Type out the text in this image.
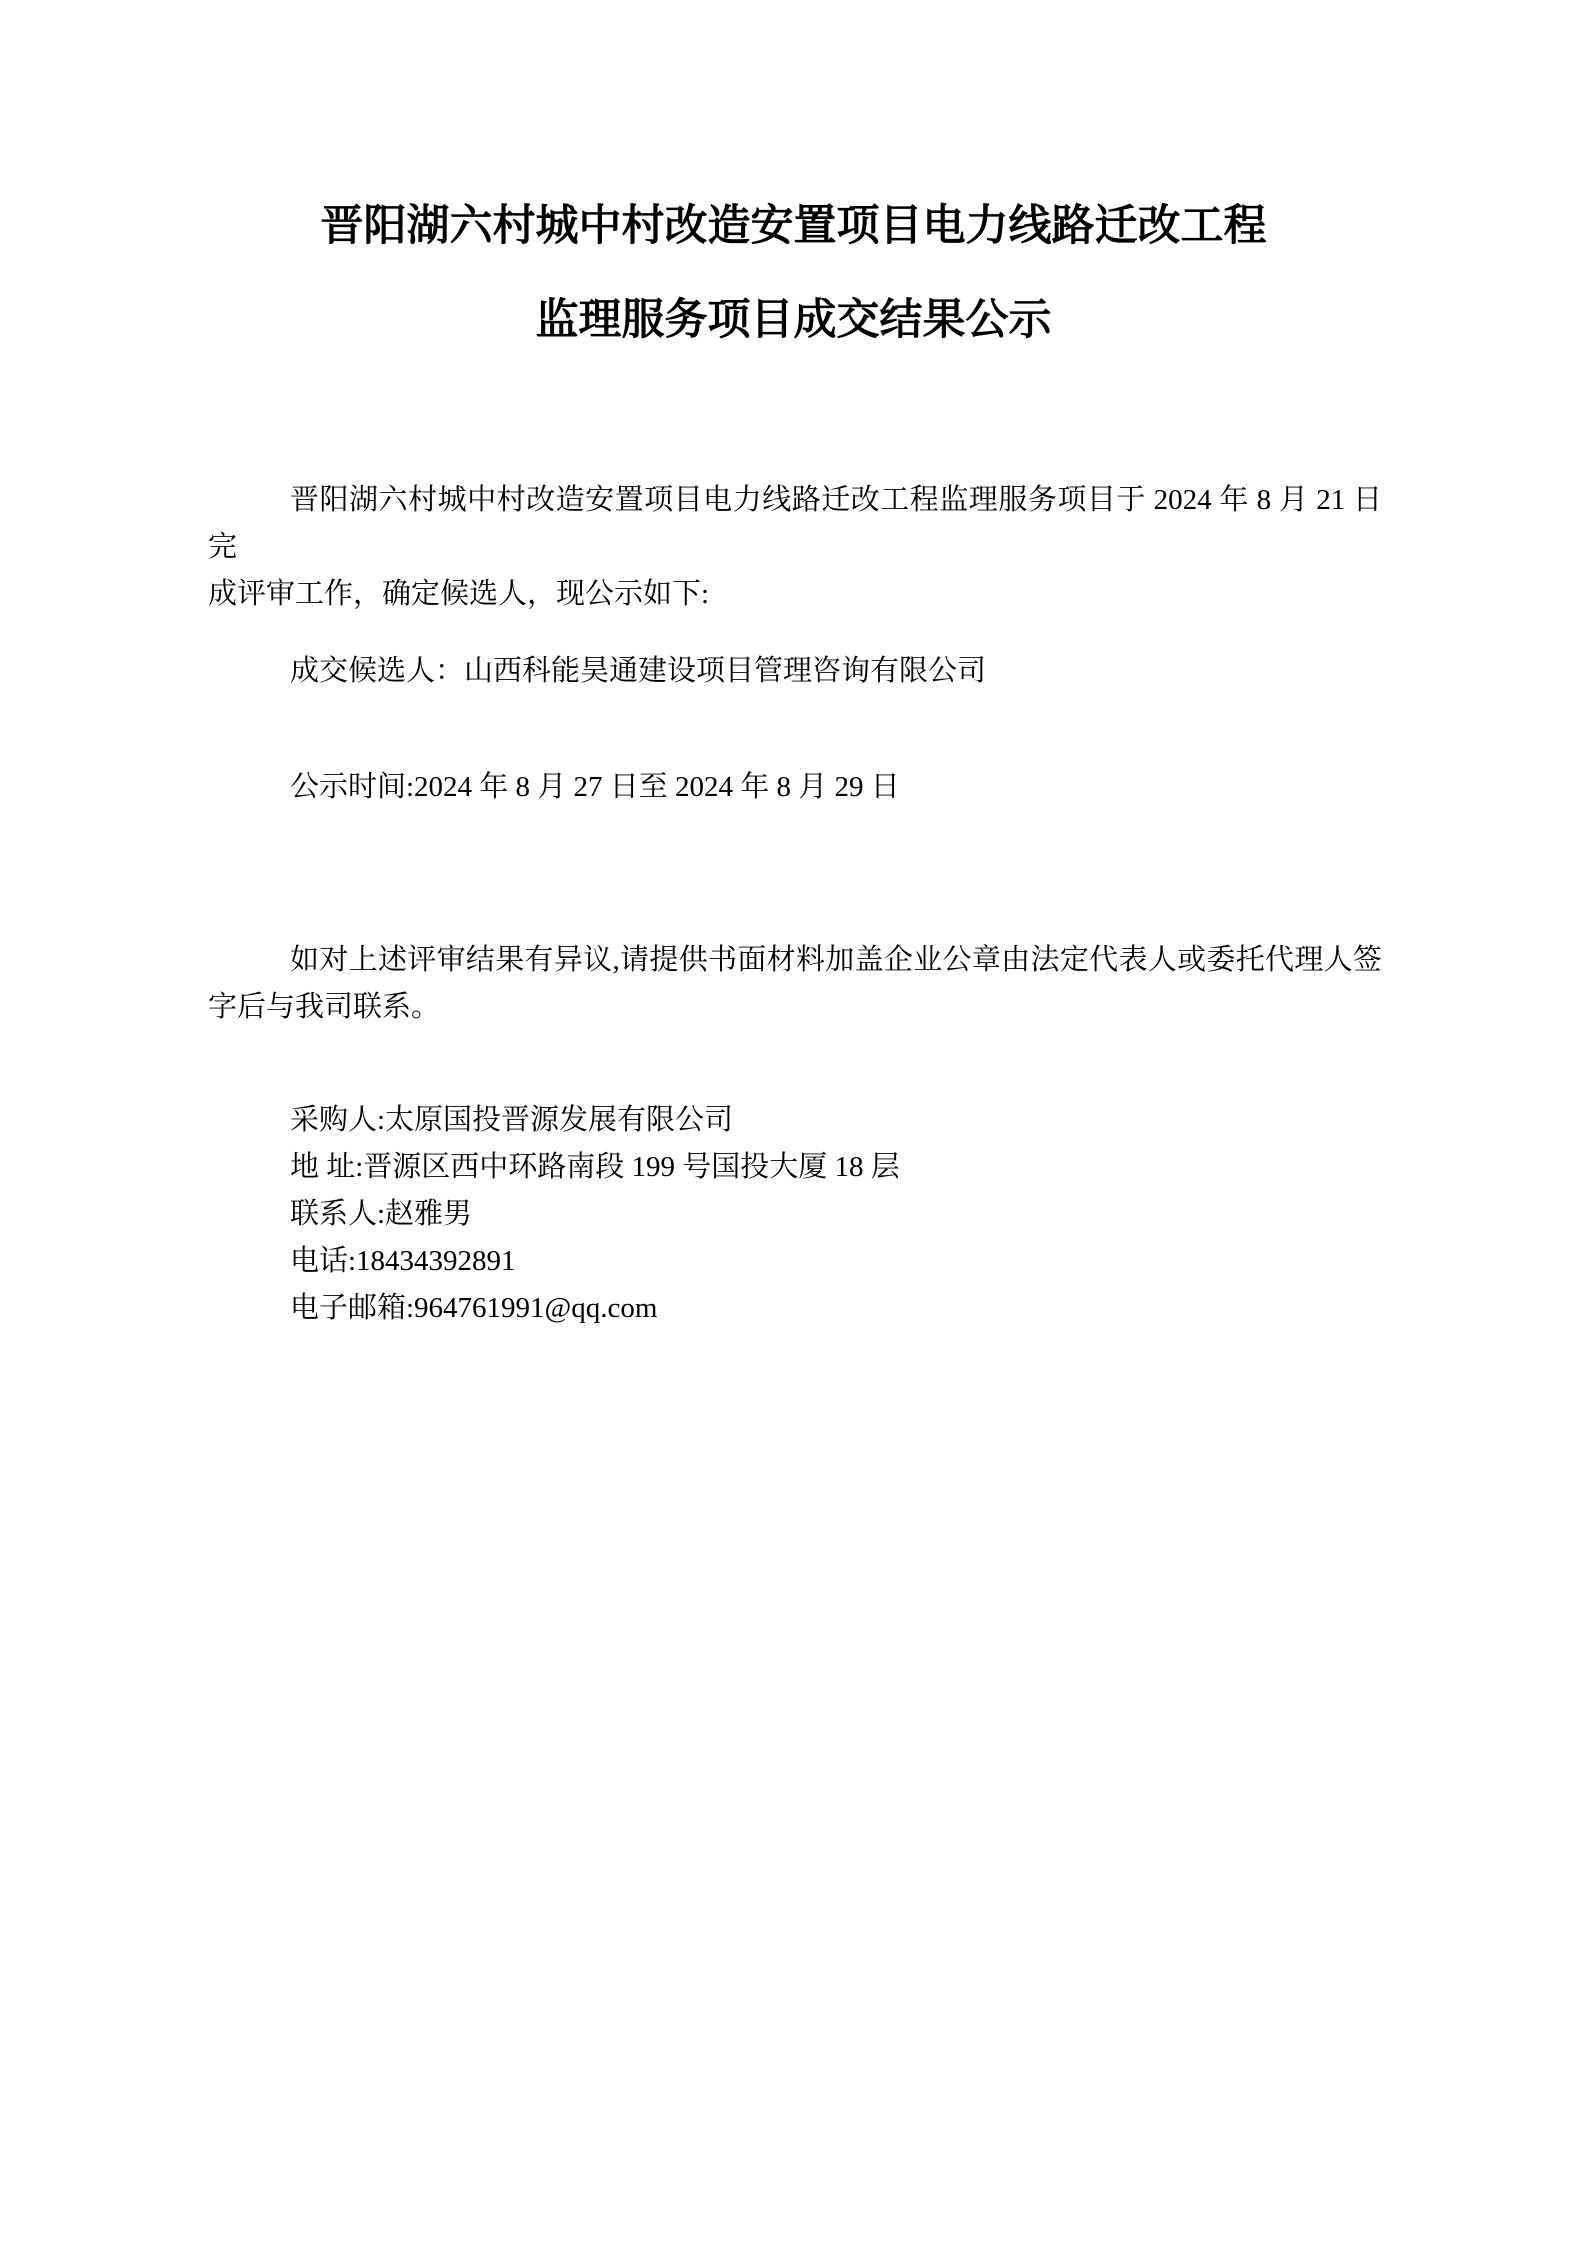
晋阳湖六村城中村改造安置项目电力线路迁改工程
监理服务项目成交结果公示
晋阳湖六村城中村改造安置项目电力线路迁改工程监理服务项目于 2024 年 8 月 21 日完
成评审工作，确定候选人，现公示如下:
成交候选人：山西科能昊通建设项目管理咨询有限公司
公示时间:2024 年 8 月 27 日至 2024 年 8 月 29 日
如对上述评审结果有异议,请提供书面材料加盖企业公章由法定代表人或委托代理人签
字后与我司联系。
采购人:太原国投晋源发展有限公司
地 址:晋源区西中环路南段 199 号国投大厦 18 层
联系人:赵雅男
电话:18434392891
电子邮箱:964761991@qq.com
